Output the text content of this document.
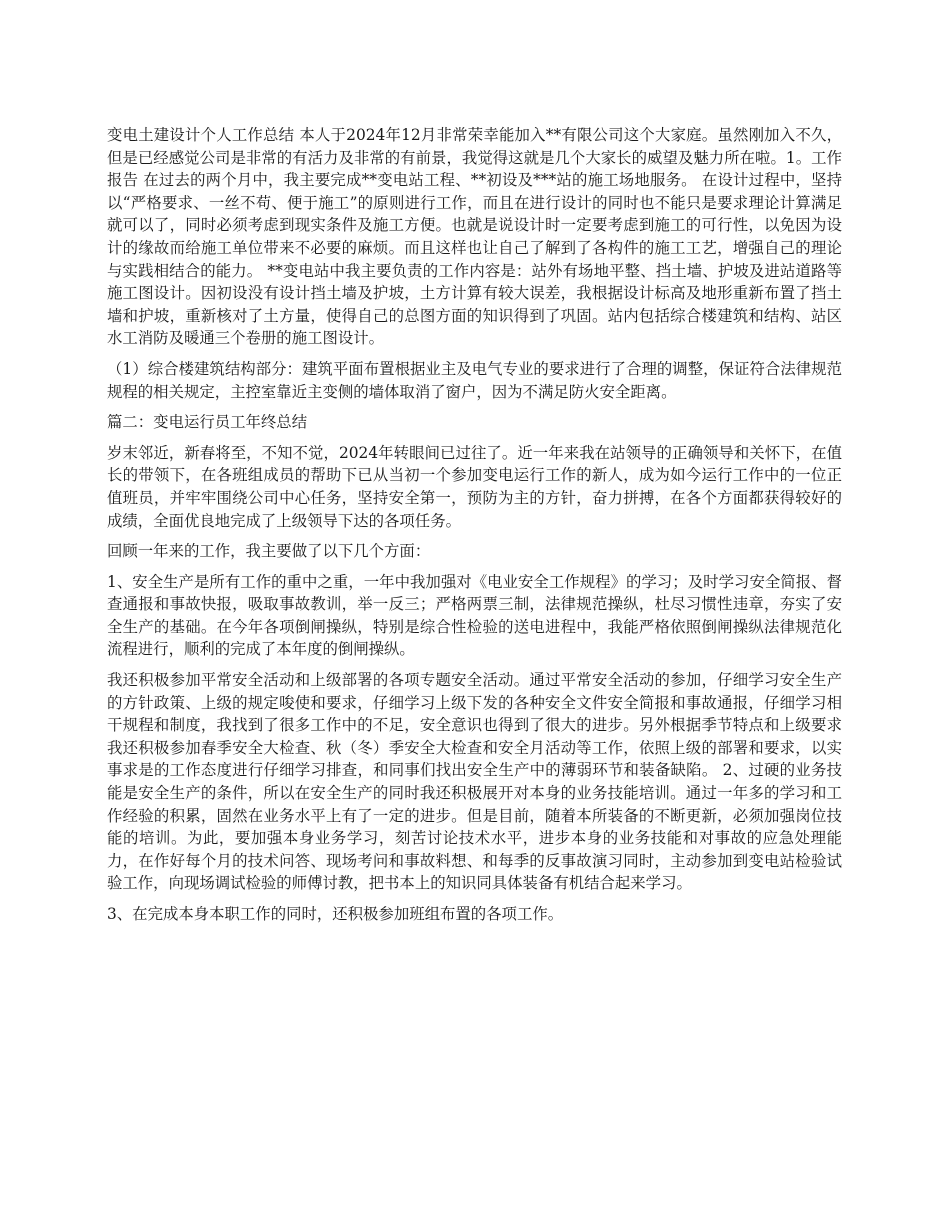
变电土建设计个人工作总结 本人于2024年12月非常荣幸能加入**有限公司这个大家庭。虽然刚加入不久，但是已经感觉公司是非常的有活力及非常的有前景，我觉得这就是几个大家长的威望及魅力所在啦。1。工作报告 在过去的两个月中，我主要完成**变电站工程、**初设及***站的施工场地服务。 在设计过程中，坚持以“严格要求、一丝不苟、便于施工”的原则进行工作，而且在进行设计的同时也不能只是要求理论计算满足就可以了，同时必须考虑到现实条件及施工方便。也就是说设计时一定要考虑到施工的可行性，以免因为设计的缘故而给施工单位带来不必要的麻烦。而且这样也让自己了解到了各构件的施工工艺，增强自己的理论与实践相结合的能力。 **变电站中我主要负责的工作内容是：站外有场地平整、挡土墙、护坡及进站道路等施工图设计。因初设没有设计挡土墙及护坡，土方计算有较大误差，我根据设计标高及地形重新布置了挡土墙和护坡，重新核对了土方量，使得自己的总图方面的知识得到了巩固。站内包括综合楼建筑和结构、站区水工消防及暖通三个卷册的施工图设计。

（1）综合楼建筑结构部分：建筑平面布置根据业主及电气专业的要求进行了合理的调整，保证符合法律规范规程的相关规定，主控室靠近主变侧的墙体取消了窗户，因为不满足防火安全距离。

篇二：变电运行员工年终总结

岁末邻近，新春将至，不知不觉，2024年转眼间已过往了。近一年来我在站领导的正确领导和关怀下，在值长的带领下，在各班组成员的帮助下已从当初一个参加变电运行工作的新人，成为如今运行工作中的一位正值班员，并牢牢围绕公司中心任务，坚持安全第一，预防为主的方针，奋力拼搏，在各个方面都获得较好的成绩，全面优良地完成了上级领导下达的各项任务。

回顾一年来的工作，我主要做了以下几个方面：

1、安全生产是所有工作的重中之重，一年中我加强对《电业安全工作规程》的学习；及时学习安全简报、督查通报和事故快报，吸取事故教训，举一反三；严格两票三制，法律规范操纵，杜尽习惯性违章，夯实了安全生产的基础。在今年各项倒闸操纵，特别是综合性检验的送电进程中，我能严格依照倒闸操纵法律规范化流程进行，顺利的完成了本年度的倒闸操纵。

我还积极参加平常安全活动和上级部署的各项专题安全活动。通过平常安全活动的参加，仔细学习安全生产的方针政策、上级的规定唆使和要求，仔细学习上级下发的各种安全文件安全简报和事故通报，仔细学习相干规程和制度，我找到了很多工作中的不足，安全意识也得到了很大的进步。另外根据季节特点和上级要求我还积极参加春季安全大检查、秋（冬）季安全大检查和安全月活动等工作，依照上级的部署和要求，以实事求是的工作态度进行仔细学习排查，和同事们找出安全生产中的薄弱环节和装备缺陷。 2、过硬的业务技能是安全生产的条件，所以在安全生产的同时我还积极展开对本身的业务技能培训。通过一年多的学习和工作经验的积累，固然在业务水平上有了一定的进步。但是目前，随着本所装备的不断更新，必须加强岗位技能的培训。为此，要加强本身业务学习，刻苦讨论技术水平，进步本身的业务技能和对事故的应急处理能力，在作好每个月的技术问答、现场考问和事故料想、和每季的反事故演习同时，主动参加到变电站检验试验工作，向现场调试检验的师傅讨教，把书本上的知识同具体装备有机结合起来学习。

3、在完成本身本职工作的同时，还积极参加班组布置的各项工作。
